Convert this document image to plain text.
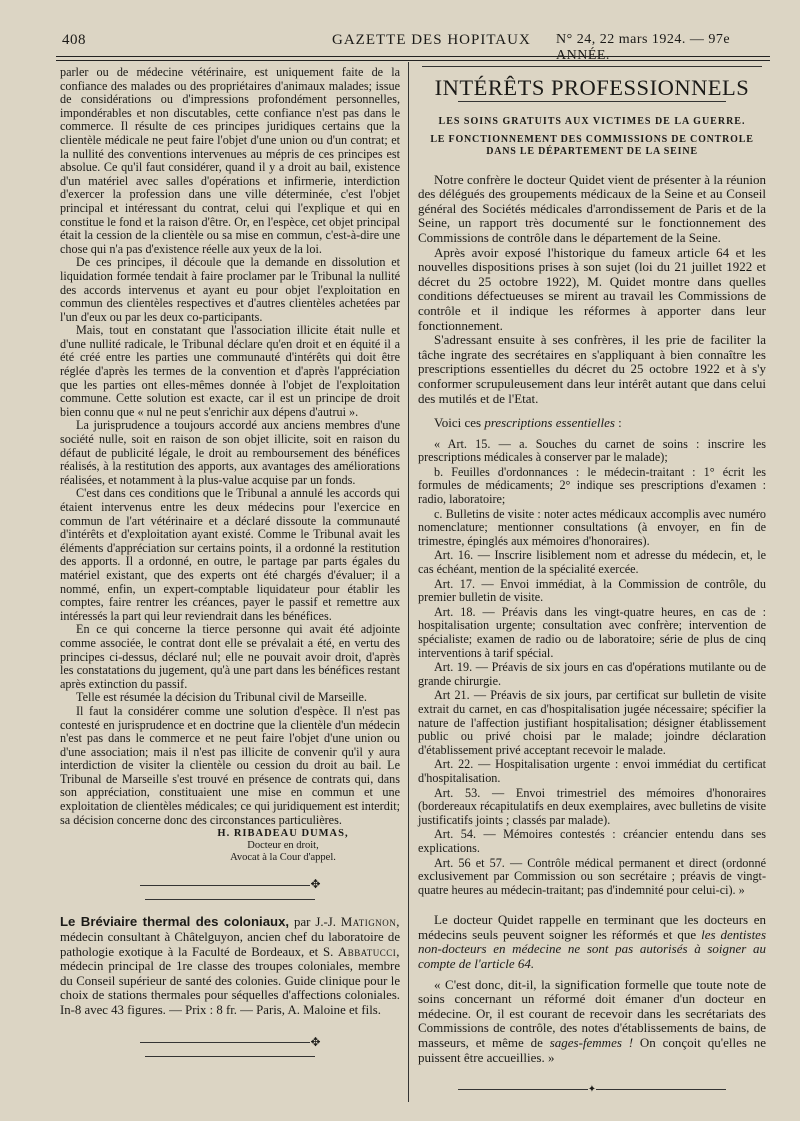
408	GAZETTE DES HOPITAUX N° 24, 22 mars 1924. — 97e ANNÉE.

parler ou de médecine vétérinaire, est uniquement faite de la confiance des malades ou des propriétaires d'animaux malades; issue de considérations ou d'impressions profondément personnelles, impondérables et non discutables, cette confiance n'est pas dans le commerce. Il résulte de ces principes juridiques certains que la clientèle médicale ne peut faire l'objet d'une union ou d'un contrat; et la nullité des conventions intervenues au mépris de ces principes est absolue. Ce qu'il faut considérer, quand il y a droit au bail, existence d'un matériel avec salles d'opérations et infirmerie, interdiction d'exercer la profession dans une ville déterminée, c'est l'objet principal et intéressant du contrat, celui qui l'explique et qui en constitue le fond et la raison d'être. Or, en l'espèce, cet objet principal était la cession de la clientèle ou sa mise en commun, c'est-à-dire une chose qui n'a pas d'existence réelle aux yeux de la loi.

De ces principes, il découle que la demande en dissolution et liquidation formée tendait à faire proclamer par le Tribunal la nullité des accords intervenus et ayant eu pour objet l'exploitation en commun des clientèles respectives et d'autres clientèles achetées par l'un d'eux ou par les deux co-participants.

Mais, tout en constatant que l'association illicite était nulle et d'une nullité radicale, le Tribunal déclare qu'en droit et en équité il a été créé entre les parties une communauté d'intérêts qui doit être réglée d'après les termes de la convention et d'après l'appréciation que les parties ont elles-mêmes donnée à l'objet de l'exploitation commune. Cette solution est exacte, car il est un principe de droit bien connu que « nul ne peut s'enrichir aux dépens d'autrui ».

La jurisprudence a toujours accordé aux anciens membres d'une société nulle, soit en raison de son objet illicite, soit en raison du défaut de publicité légale, le droit au remboursement des bénéfices réalisés, à la restitution des apports, aux avantages des améliorations réalisées, et notamment à la plus-value acquise par un fonds.

C'est dans ces conditions que le Tribunal a annulé les accords qui étaient intervenus entre les deux médecins pour l'exercice en commun de l'art vétérinaire et a déclaré dissoute la communauté d'intérêts et d'exploitation ayant existé. Comme le Tribunal avait les éléments d'appréciation sur certains points, il a ordonné la restitution des apports. Il a ordonné, en outre, le partage par parts égales du matériel existant, que des experts ont été chargés d'évaluer; il a nommé, enfin, un expert-comptable liquidateur pour établir les comptes, faire rentrer les créances, payer le passif et remettre aux intéressés la part qui leur reviendrait dans les bénéfices.

En ce qui concerne la tierce personne qui avait été adjointe comme associée, le contrat dont elle se prévalait a été, en vertu des principes ci-dessus, déclaré nul; elle ne pouvait avoir droit, d'après les constatations du jugement, qu'à une part dans les bénéfices restant après extinction du passif.

Telle est résumée la décision du Tribunal civil de Marseille.

Il faut la considérer comme une solution d'espèce. Il n'est pas contesté en jurisprudence et en doctrine que la clientèle d'un médecin n'est pas dans le commerce et ne peut faire l'objet d'une union ou d'une association; mais il n'est pas illicite de convenir qu'il y aura interdiction de visiter la clientèle ou cession du droit au bail. Le Tribunal de Marseille s'est trouvé en présence de contrats qui, dans son appréciation, constituaient une mise en commun et une exploitation de clientèles médicales; ce qui juridiquement est interdit; sa décision concerne donc des circonstances particulières.

H. RIBADEAU DUMAS,
Docteur en droit,
Avocat à la Cour d'appel.
✥

Le Bréviaire thermal des coloniaux, par J.-J. Matignon, médecin consultant à Châtelguyon, ancien chef du laboratoire de pathologie exotique à la Faculté de Bordeaux, et S. Abbatucci, médecin principal de 1re classe des troupes coloniales, membre du Conseil supérieur de santé des colonies. Guide clinique pour le choix de stations thermales pour séquelles d'affections coloniales. In-8 avec 43 figures. — Prix : 8 fr. — Paris, A. Maloine et fils.

✥
INTÉRÊTS PROFESSIONNELS
LES SOINS GRATUITS AUX VICTIMES DE LA GUERRE.
LE FONCTIONNEMENT DES COMMISSIONS DE CONTROLE DANS LE DÉPARTEMENT DE LA SEINE

Notre confrère le docteur Quidet vient de présenter à la réunion des délégués des groupements médicaux de la Seine et au Conseil général des Sociétés médicales d'arrondissement de Paris et de la Seine, un rapport très documenté sur le fonctionnement des Commissions de contrôle dans le département de la Seine.

Après avoir exposé l'historique du fameux article 64 et les nouvelles dispositions prises à son sujet (loi du 21 juillet 1922 et décret du 25 octobre 1922), M. Quidet montre dans quelles conditions défectueuses se mirent au travail les Commissions de contrôle et il indique les réformes à apporter dans leur fonctionnement.

S'adressant ensuite à ses confrères, il les prie de faciliter la tâche ingrate des secrétaires en s'appliquant à bien connaître les prescriptions essentielles du décret du 25 octobre 1922 et à s'y conformer scrupuleusement dans leur intérêt autant que dans celui des mutilés et de l'Etat.

Voici ces prescriptions essentielles :

« Art. 15. — a. Souches du carnet de soins : inscrire les prescriptions médicales à conserver par le malade);

b. Feuilles d'ordonnances : le médecin-traitant : 1° écrit les formules de médicaments; 2° indique ses prescriptions d'examen : radio, laboratoire;

c. Bulletins de visite : noter actes médicaux accomplis avec numéro nomenclature; mentionner consultations (à envoyer, en fin de trimestre, épinglés aux mémoires d'honoraires).

Art. 16. — Inscrire lisiblement nom et adresse du médecin, et, le cas échéant, mention de la spécialité exercée.

Art. 17. — Envoi immédiat, à la Commission de contrôle, du premier bulletin de visite.

Art. 18. — Préavis dans les vingt-quatre heures, en cas de : hospitalisation urgente; consultation avec confrère; intervention de spécialiste; examen de radio ou de laboratoire; série de plus de cinq interventions à tarif spécial.

Art. 19. — Préavis de six jours en cas d'opérations mutilante ou de grande chirurgie.

Art 21. — Préavis de six jours, par certificat sur bulletin de visite extrait du carnet, en cas d'hospitalisation jugée nécessaire; spécifier la nature de l'affection justifiant hospitalisation; désigner établissement public ou privé choisi par le malade; joindre déclaration d'établissement privé acceptant recevoir le malade.

Art. 22. — Hospitalisation urgente : envoi immédiat du certificat d'hospitalisation.

Art. 53. — Envoi trimestriel des mémoires d'honoraires (bordereaux récapitulatifs en deux exemplaires, avec bulletins de visite justificatifs joints ; classés par malade).

Art. 54. — Mémoires contestés : créancier entendu dans ses explications.

Art. 56 et 57. — Contrôle médical permanent et direct (ordonné exclusivement par Commission ou son secrétaire ; préavis de vingt-quatre heures au médecin-traitant; pas d'indemnité pour celui-ci). »

Le docteur Quidet rappelle en terminant que les docteurs en médecins seuls peuvent soigner les réformés et que les dentistes non-docteurs en médecine ne sont pas autorisés à soigner au compte de l'article 64.

« C'est donc, dit-il, la signification formelle que toute note de soins concernant un réformé doit émaner d'un docteur en médecine. Or, il est courant de recevoir dans les secrétariats des Commissions de contrôle, des notes d'établissements de bains, de masseurs, et même de sages-femmes ! On conçoit qu'elles ne puissent être accueillies. »

✦
